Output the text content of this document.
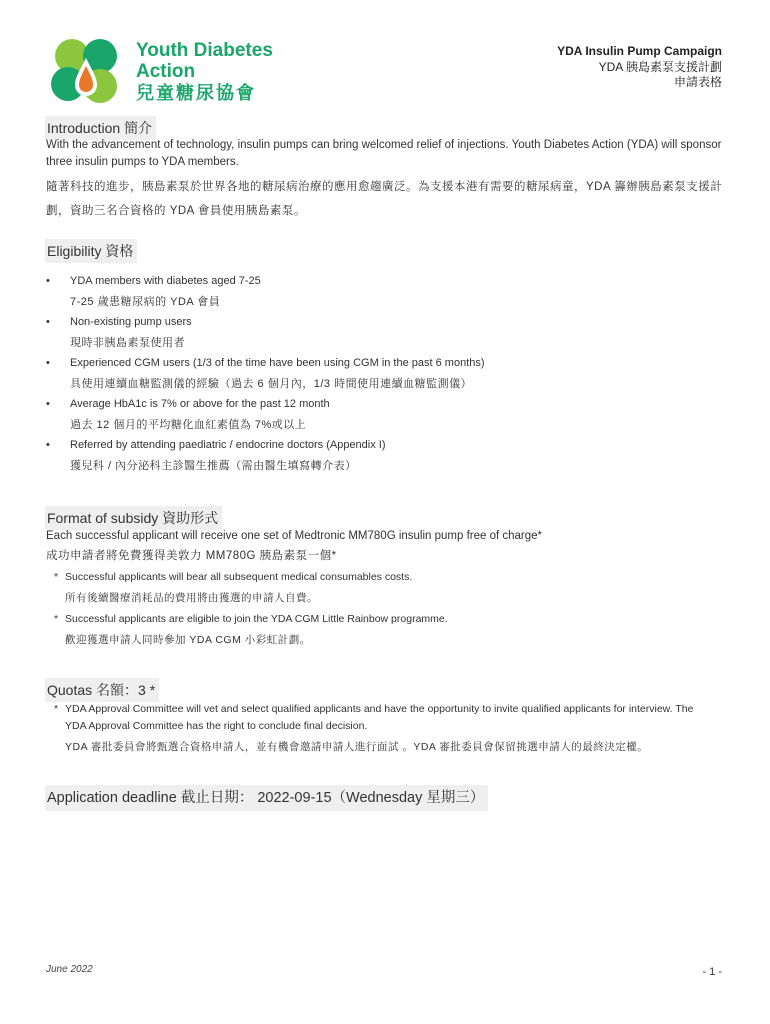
Youth Diabetes
Action
兒童糖尿協會
YDA Insulin Pump Campaign
YDA 胰島素泵支援計劃
申請表格
Introduction 簡介
With the advancement of technology, insulin pumps can bring welcomed relief of injections. Youth Diabetes Action (YDA) will sponsor three insulin pumps to YDA members.
隨著科技的進步，胰島素泵於世界各地的糖尿病治療的應用愈趨廣泛。為支援本港有需要的糖尿病童，YDA 籌辦胰島素泵支援計劃，資助三名合資格的 YDA 會員使用胰島素泵。
Eligibility 資格
• YDA members with diabetes aged 7-25
7-25 歲患糖尿病的 YDA 會員
• Non-existing pump users
現時非胰島素泵使用者
• Experienced CGM users (1/3 of the time have been using CGM in the past 6 months)
具使用連續血糖監測儀的經驗（過去 6 個月內，1/3 時間使用連續血糖監測儀）
• Average HbA1c is 7% or above for the past 12 month
過去 12 個月的平均糖化血紅素值為 7%或以上
• Referred by attending paediatric / endocrine doctors (Appendix I)
獲兒科 / 內分泌科主診醫生推薦（需由醫生填寫轉介表）
Format of subsidy 資助形式
Each successful applicant will receive one set of Medtronic MM780G insulin pump free of charge*
成功申請者將免費獲得美敦力 MM780G 胰島素泵一個*
* Successful applicants will bear all subsequent medical consumables costs.
所有後續醫療消耗品的費用將由獲選的申請人自費。
* Successful applicants are eligible to join the YDA CGM Little Rainbow programme.
歡迎獲選申請人同時參加 YDA CGM 小彩虹計劃。
Quotas 名額：3 *
* YDA Approval Committee will vet and select qualified applicants and have the opportunity to invite qualified applicants for interview. The YDA Approval Committee has the right to conclude final decision.
YDA 審批委員會將甄選合資格申請人，並有機會邀請申請人進行面試 。YDA 審批委員會保留挑選申請人的最終決定權。
Application deadline 截止日期： 2022-09-15（Wednesday 星期三）
June 2022	- 1 -
